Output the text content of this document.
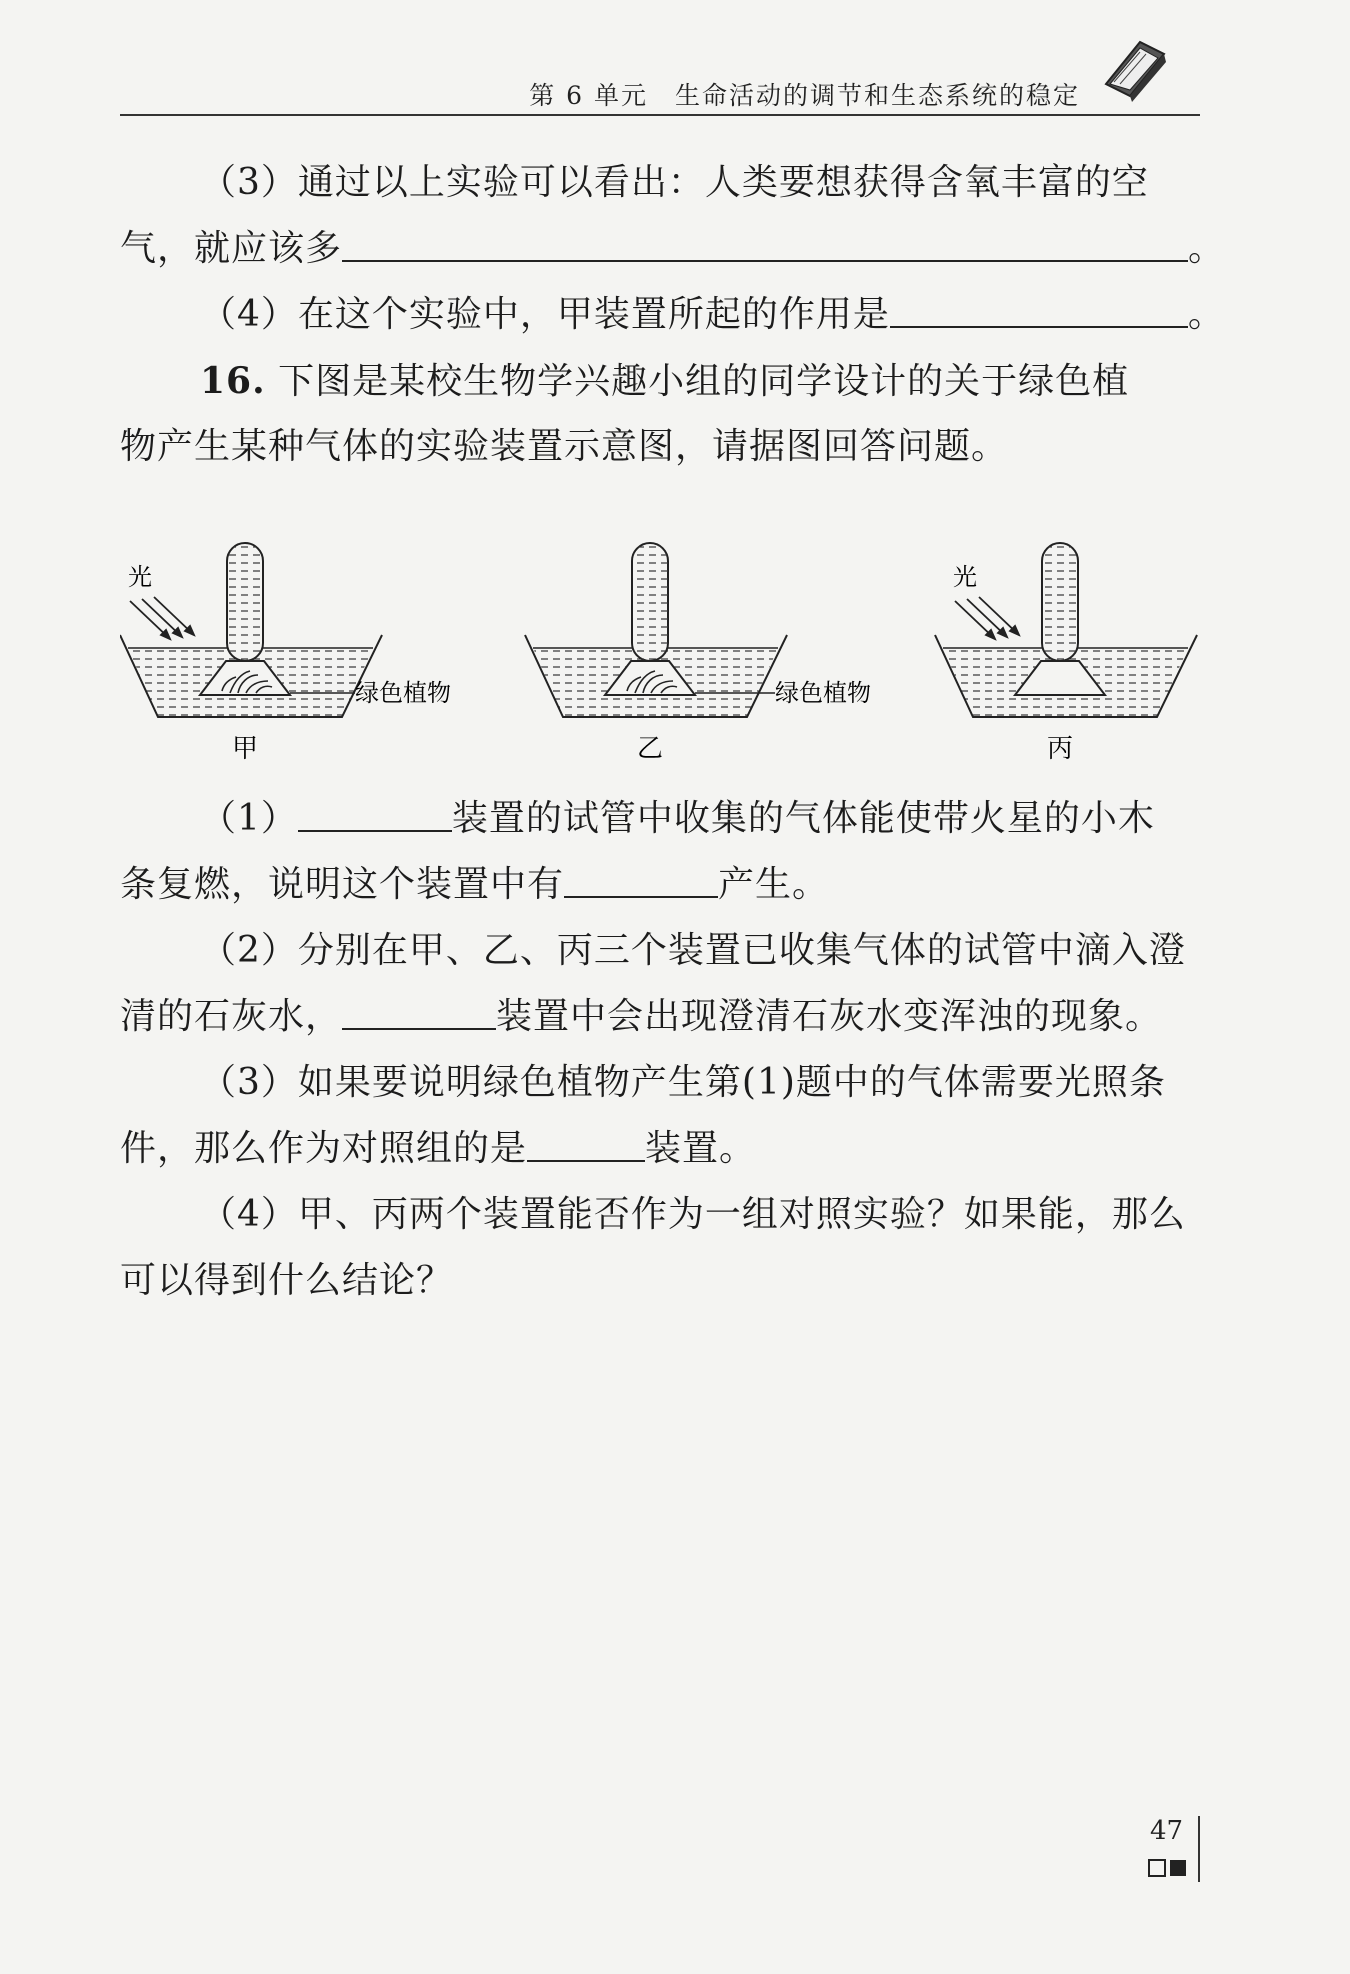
第 6 单元　生命活动的调节和生态系统的稳定
（3）通过以上实验可以看出：人类要想获得含氧丰富的空
气，就应该多	。
（4）在这个实验中，甲装置所起的作用是	。
16. 下图是某校生物学兴趣小组的同学设计的关于绿色植
物产生某种气体的实验装置示意图，请据图回答问题。
光
绿色植物
甲
绿色植物
乙
光
丙
（1）	装置的试管中收集的气体能使带火星的小木
条复燃，说明这个装置中有	产生。
（2）分别在甲、乙、丙三个装置已收集气体的试管中滴入澄
清的石灰水，	装置中会出现澄清石灰水变浑浊的现象。
（3）如果要说明绿色植物产生第(1)题中的气体需要光照条
件，那么作为对照组的是	装置。
（4）甲、丙两个装置能否作为一组对照实验？如果能，那么
可以得到什么结论？
47
